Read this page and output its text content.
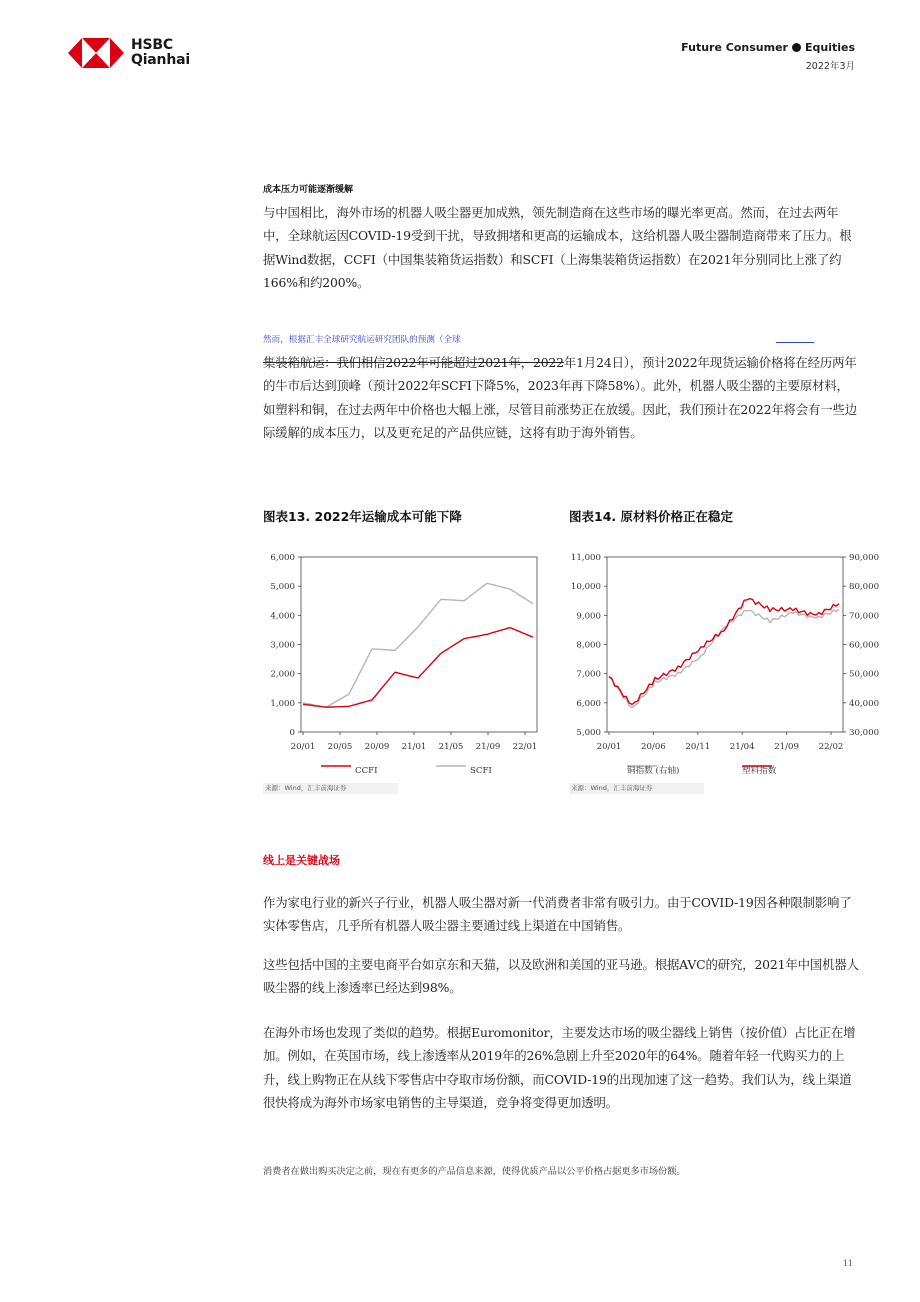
HSBC
Qianhai
Future Consumer Equities
2022年3月
成本压力可能逐渐缓解
与中国相比，海外市场的机器人吸尘器更加成熟，领先制造商在这些市场的曝光率更高。然而，在过去两年中，全球航运因COVID-19受到干扰，导致拥堵和更高的运输成本，这给机器人吸尘器制造商带来了压力。根据Wind数据，CCFI（中国集装箱货运指数）和SCFI（上海集装箱货运指数）在2021年分别同比上涨了约166%和约200%。
然而，根据汇丰全球研究航运研究团队的预测（全球
集装箱航运：我们相信2022年可能超过2021年，2022年1月24日），预计2022年现货运输价格将在经历两年的牛市后达到顶峰（预计2022年SCFI下降5%，2023年再下降58%）。此外，机器人吸尘器的主要原材料，如塑料和铜，在过去两年中价格也大幅上涨，尽管目前涨势正在放缓。因此，我们预计在2022年将会有一些边际缓解的成本压力，以及更充足的产品供应链，这将有助于海外销售。
图表13. 2022年运输成本可能下降	图表14. 原材料价格正在稳定
0
1,000
2,000
3,000
4,000
5,000
6,000
20/01 20/05 20/09 21/01 21/05 21/09 22/01
CCFI	SCFI
5,000
6,000
7,000
8,000
9,000
10,000
11,000
30,000
40,000
50,000
60,000
70,000
80,000
90,000
20/01 20/06 20/11 21/04 21/09 22/02
铜指数 (右轴)	塑料指数
来源：Wind，汇丰前海证券	来源：Wind，汇丰前海证券
线上是关键战场
作为家电行业的新兴子行业，机器人吸尘器对新一代消费者非常有吸引力。由于COVID-19因各种限制影响了实体零售店，几乎所有机器人吸尘器主要通过线上渠道在中国销售。
这些包括中国的主要电商平台如京东和天猫，以及欧洲和美国的亚马逊。根据AVC的研究，2021年中国机器人吸尘器的线上渗透率已经达到98%。
在海外市场也发现了类似的趋势。根据Euromonitor，主要发达市场的吸尘器线上销售（按价值）占比正在增加。例如，在英国市场，线上渗透率从2019年的26%急剧上升至2020年的64%。随着年轻一代购买力的上升，线上购物正在从线下零售店中夺取市场份额，而COVID-19的出现加速了这一趋势。我们认为，线上渠道很快将成为海外市场家电销售的主导渠道，竞争将变得更加透明。
消费者在做出购买决定之前，现在有更多的产品信息来源，使得优质产品以公平价格占据更多市场份额。
11
